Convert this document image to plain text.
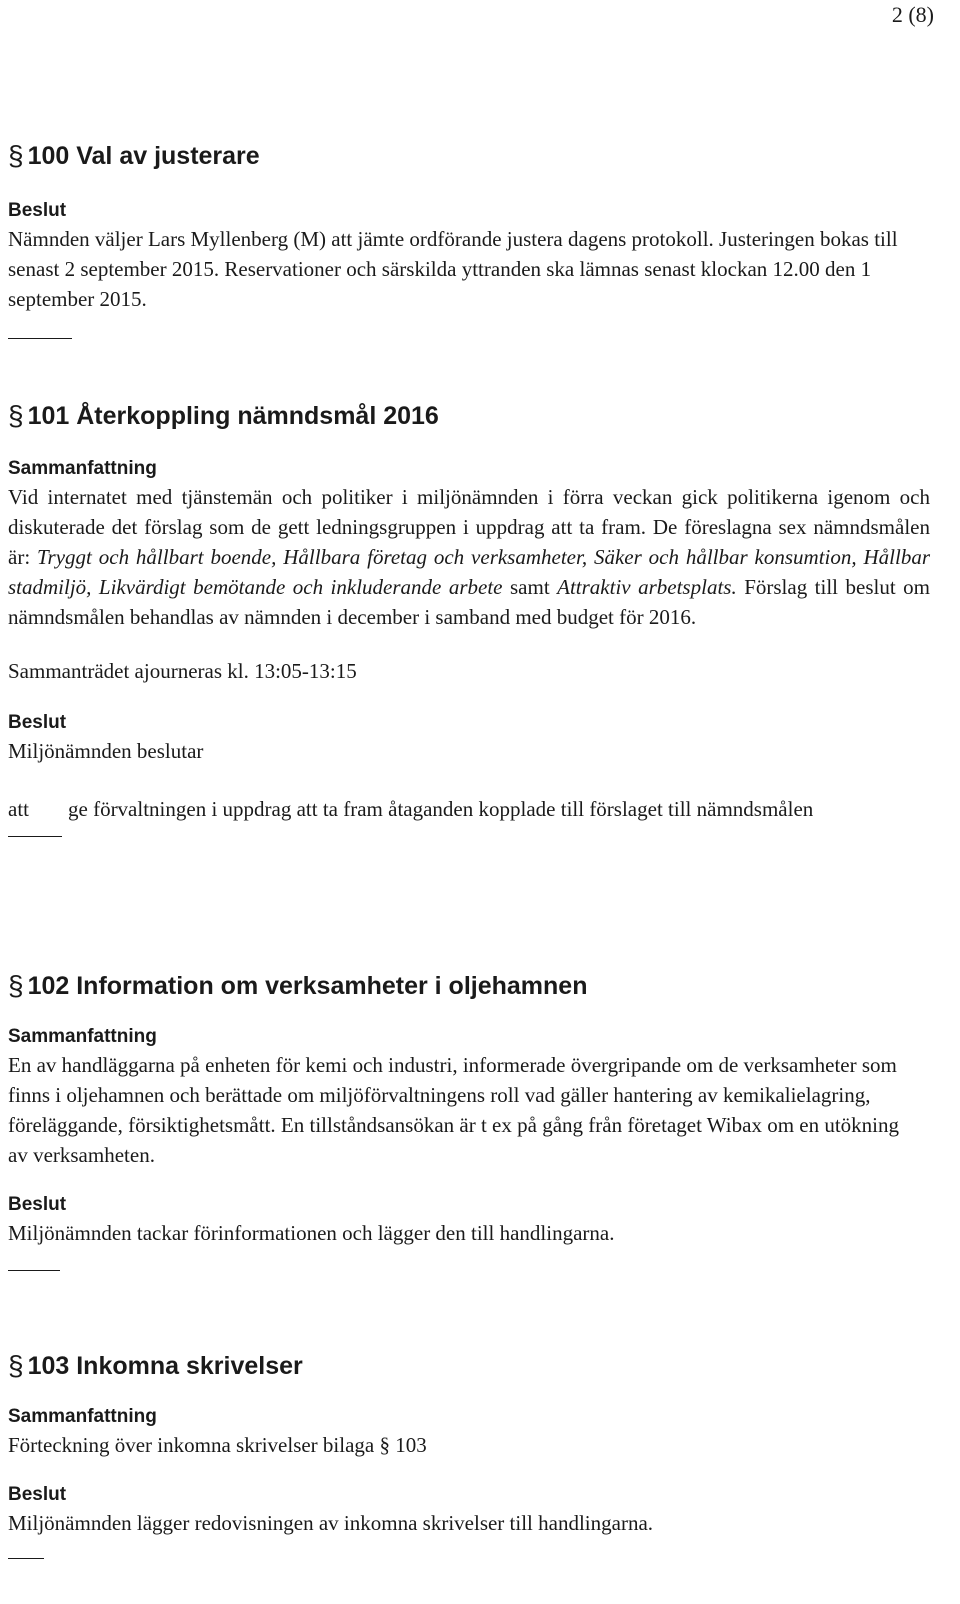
2 (8)
§ 100 Val av justerare

Beslut

Nämnden väljer Lars Myllenberg (M) att jämte ordförande justera dagens protokoll. Justeringen bokas till senast 2 september 2015. Reservationer och särskilda yttranden ska lämnas senast klockan 12.00 den 1 september 2015.

§ 101 Återkoppling nämndsmål 2016

Sammanfattning

Vid internatet med tjänstemän och politiker i miljönämnden i förra veckan gick politikerna igenom och diskuterade det förslag som de gett ledningsgruppen i uppdrag att ta fram. De föreslagna sex nämndsmålen är: Tryggt och hållbart boende, Hållbara företag och verksamheter, Säker och hållbar konsumtion, Hållbar stadmiljö, Likvärdigt bemötande och inkluderande arbete samt Attraktiv arbetsplats. Förslag till beslut om nämndsmålen behandlas av nämnden i december i samband med budget för 2016.

Sammanträdet ajourneras kl. 13:05-13:15

Beslut

Miljönämnden beslutar

att	ge förvaltningen i uppdrag att ta fram åtaganden kopplade till förslaget till nämndsmålen
§ 102 Information om verksamheter i oljehamnen

Sammanfattning

En av handläggarna på enheten för kemi och industri, informerade övergripande om de verksamheter som finns i oljehamnen och berättade om miljöförvaltningens roll vad gäller hantering av kemikalielagring, föreläggande, försiktighetsmått. En tillståndsansökan är t ex på gång från företaget Wibax om en utökning av verksamheten.

Beslut

Miljönämnden tackar förinformationen och lägger den till handlingarna.

§ 103 Inkomna skrivelser

Sammanfattning

Förteckning över inkomna skrivelser bilaga § 103

Beslut

Miljönämnden lägger redovisningen av inkomna skrivelser till handlingarna.
